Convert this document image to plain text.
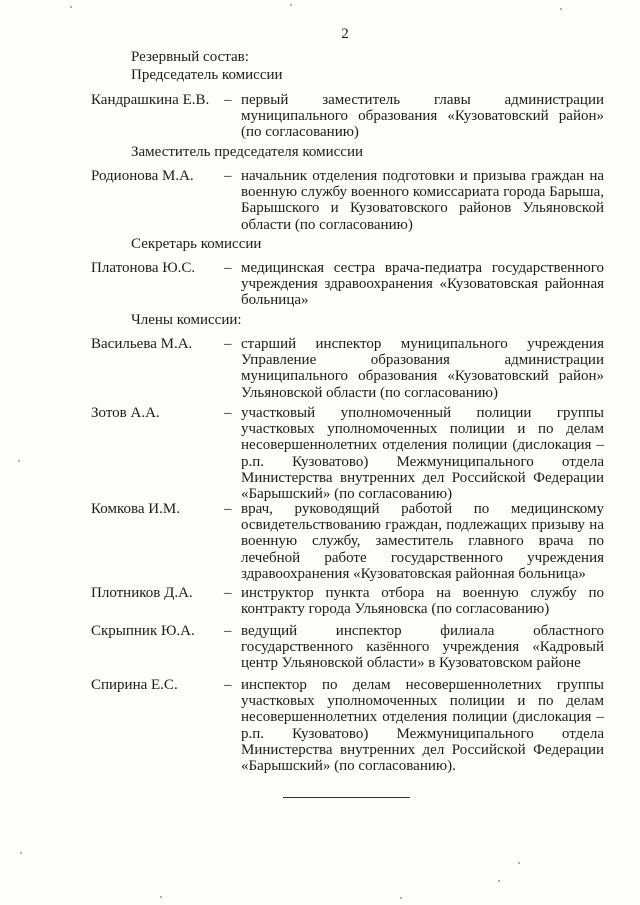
2
Резервный состав:
Председатель комиссии
Кандрашкина Е.В. – первый заместитель главы администрации муниципального образования «Кузоватовский район» (по согласованию)
Заместитель председателя комиссии
Родионова М.А. – начальник отделения подготовки и призыва граждан на военную службу военного комиссариата города Барыша, Барышского и Кузоватовского районов Ульяновской области (по согласованию)
Секретарь комиссии
Платонова Ю.С. – медицинская сестра врача-педиатра государственного учреждения здравоохранения «Кузоватовская районная больница»
Члены комиссии:
Васильева М.А. – старший инспектор муниципального учреждения Управление образования администрации муниципального образования «Кузоватовский район» Ульяновской области (по согласованию)
Зотов А.А.	– участковый уполномоченный полиции группы участковых уполномоченных полиции и по делам несовершеннолетних отделения полиции (дислокация – р.п. Кузоватово) Межмуниципального отдела Министерства внутренних дел Российской Федерации «Барышский» (по согласованию)
Комкова И.М.	– врач, руководящий работой по медицинскому освидетельствованию граждан, подлежащих призыву на военную службу, заместитель главного врача по лечебной работе государственного учреждения здравоохранения «Кузоватовская районная больница»
Плотников Д.А. – инструктор пункта отбора на военную службу по контракту города Ульяновска (по согласованию)
Скрыпник Ю.А. – ведущий инспектор филиала областного государственного казённого учреждения «Кадровый центр Ульяновской области» в Кузоватовском районе
Спирина Е.С.	– инспектор по делам несовершеннолетних группы участковых уполномоченных полиции и по делам несовершеннолетних отделения полиции (дислокация – р.п. Кузоватово) Межмуниципального отдела Министерства внутренних дел Российской Федерации «Барышский» (по согласованию).
